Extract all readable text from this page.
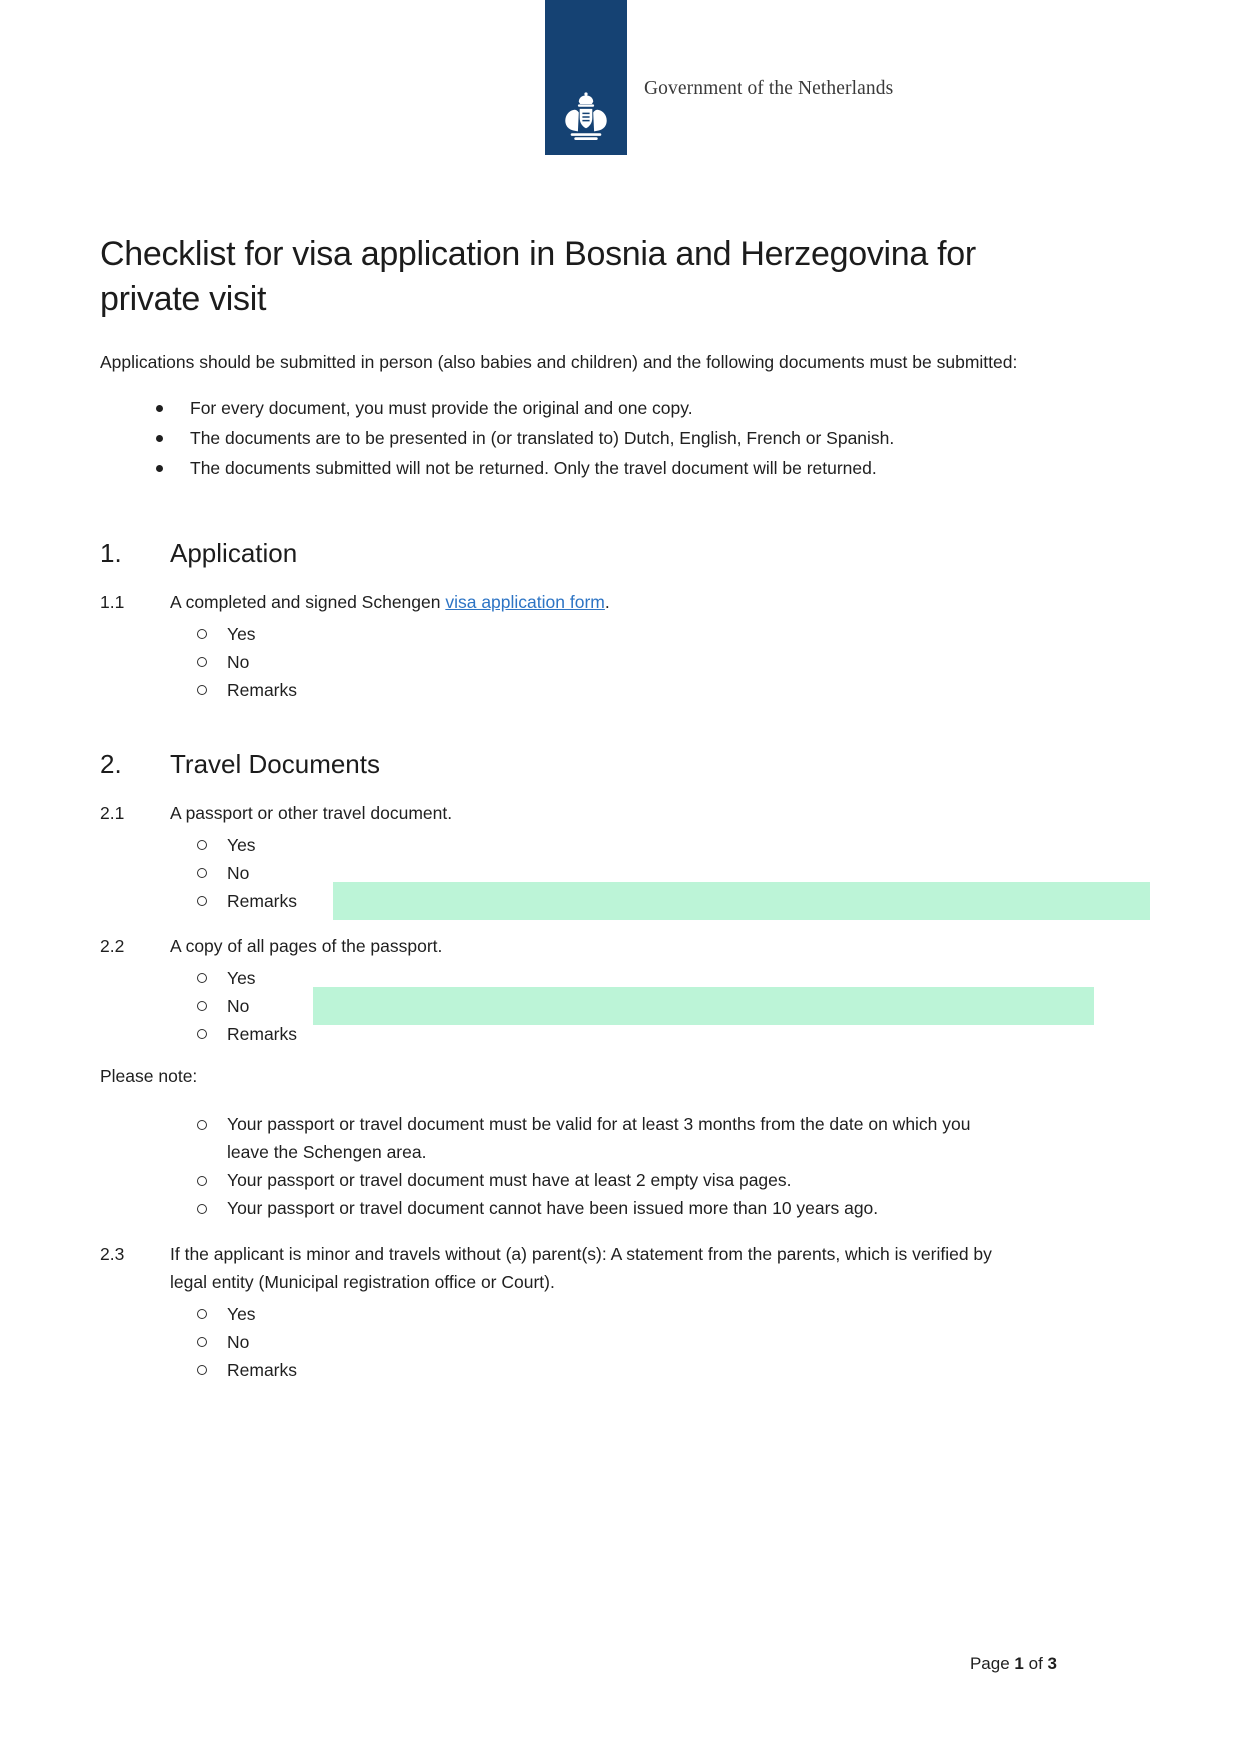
Government of the Netherlands
Checklist for visa application in Bosnia and Herzegovina for
private visit

Applications should be submitted in person (also babies and children) and the following documents must be submitted:

For every document, you must provide the original and one copy.
The documents are to be presented in (or translated to) Dutch, English, French or Spanish.
The documents submitted will not be returned. Only the travel document will be returned.
1.	Application
1.1	A completed and signed Schengen visa application form.
Yes
No
Remarks
2.	Travel Documents
2.1	A passport or other travel document.
Yes
No
Remarks
2.2	A copy of all pages of the passport.
Yes
No
Remarks

Please note:

Your passport or travel document must be valid for at least 3 months from the date on which you leave the Schengen area.
Your passport or travel document must have at least 2 empty visa pages.
Your passport or travel document cannot have been issued more than 10 years ago.
2.3	If the applicant is minor and travels without (a) parent(s): A statement from the parents, which is verified by legal entity (Municipal registration office or Court).
Yes
No
Remarks
Page 1 of 3
